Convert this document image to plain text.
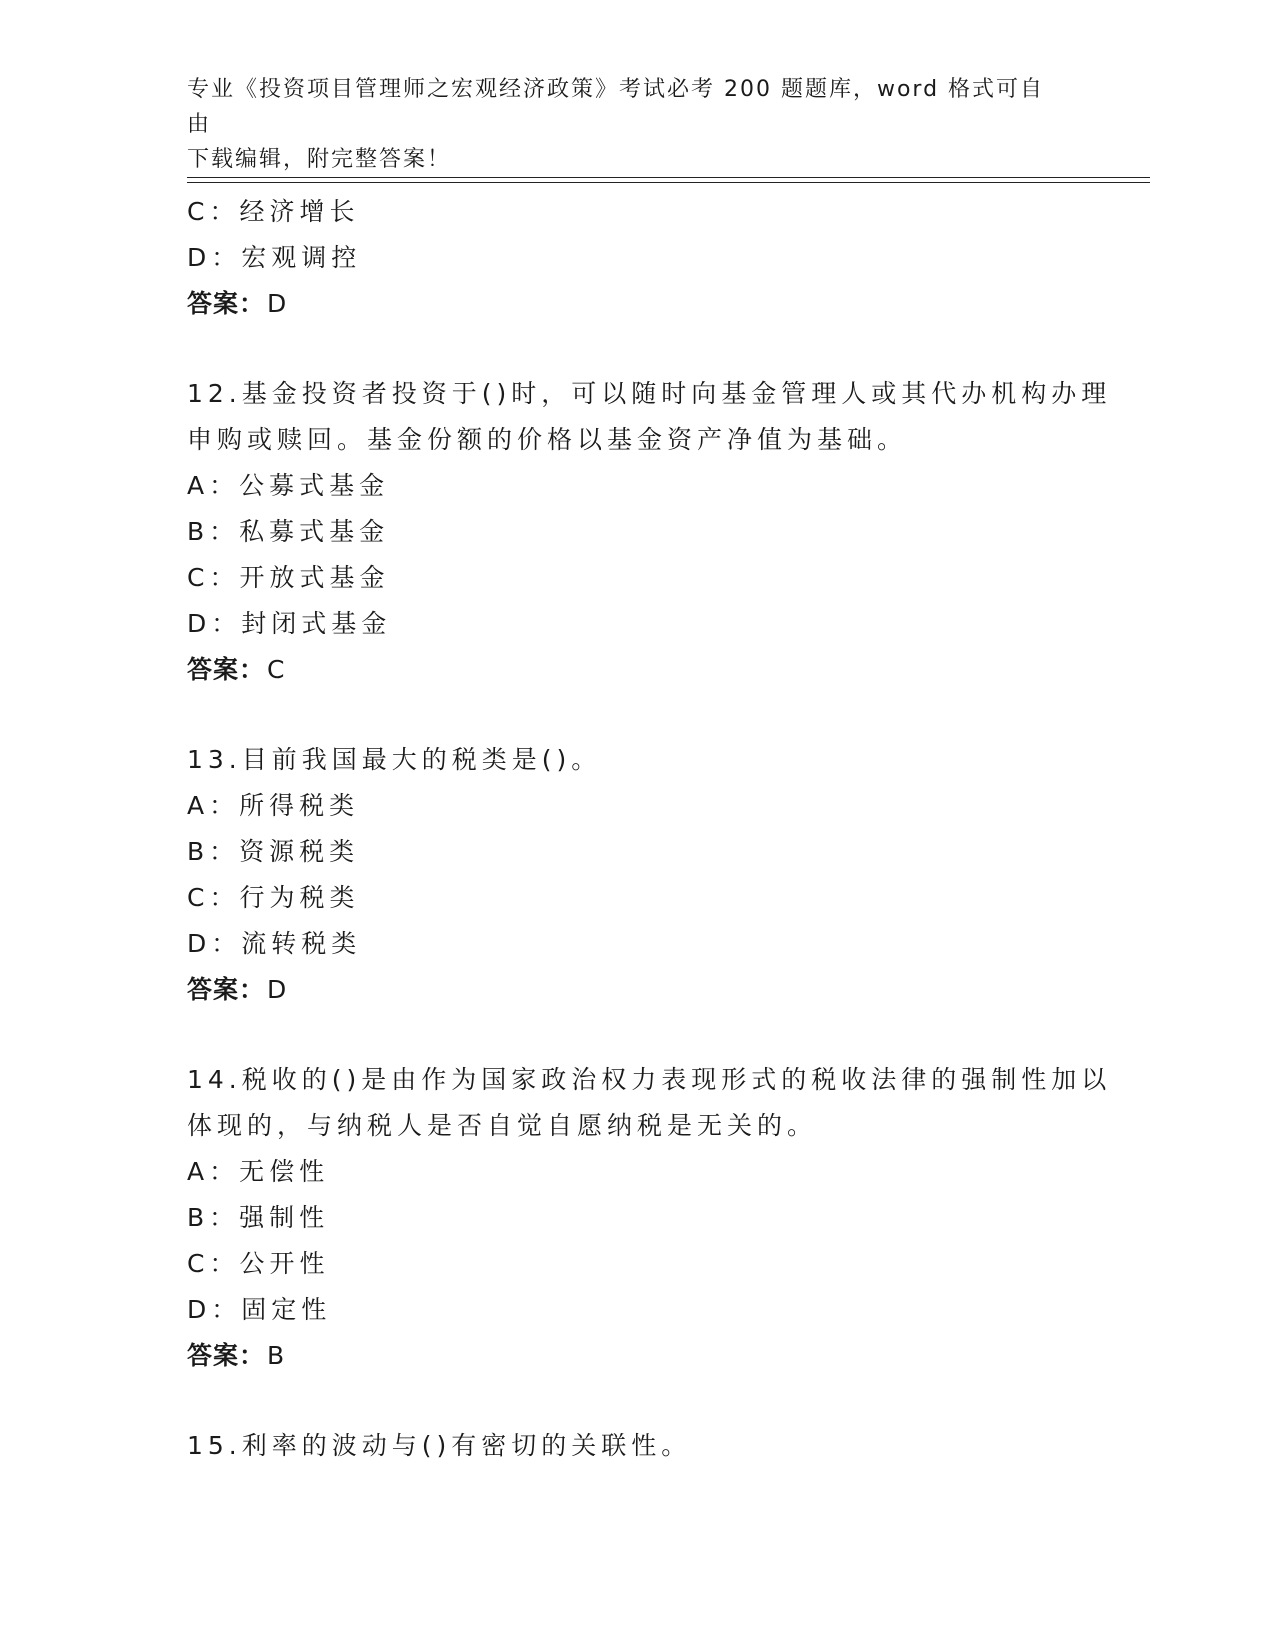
专业《投资项目管理师之宏观经济政策》考试必考 200 题题库，word 格式可自由
下载编辑，附完整答案！
C：经济增长
D：宏观调控
答案：D
12.基金投资者投资于()时，可以随时向基金管理人或其代办机构办理
申购或赎回。基金份额的价格以基金资产净值为基础。
A：公募式基金
B：私募式基金
C：开放式基金
D：封闭式基金
答案：C
13.目前我国最大的税类是()。
A：所得税类
B：资源税类
C：行为税类
D：流转税类
答案：D
14.税收的()是由作为国家政治权力表现形式的税收法律的强制性加以
体现的，与纳税人是否自觉自愿纳税是无关的。
A：无偿性
B：强制性
C：公开性
D：固定性
答案：B
15.利率的波动与()有密切的关联性。
